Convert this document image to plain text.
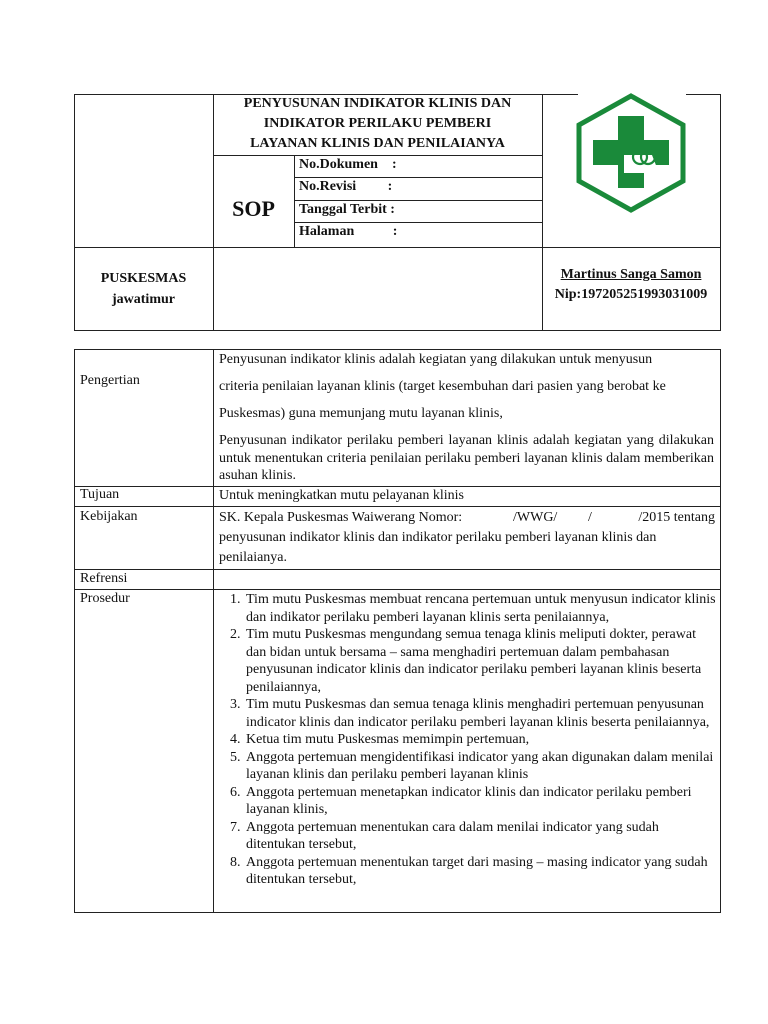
PENYUSUNAN INDIKATOR KLINIS DAN
INDIKATOR PERILAKU PEMBERI
LAYANAN KLINIS DAN PENILAIANYA
SOP
No.Dokumen    :
No.Revisi         :
Tanggal Terbit :
Halaman           :
PUSKESMAS
jawatimur
Martinus Sanga Samon
Nip:197205251993031009
Pengertian
Penyusunan indikator klinis adalah kegiatan yang dilakukan untuk menyusun
criteria penilaian layanan klinis (target kesembuhan dari pasien yang berobat ke
Puskesmas) guna memunjang mutu layanan klinis,
Penyusunan indikator perilaku pemberi layanan klinis adalah kegiatan yang dilakukan untuk menentukan criteria penilaian perilaku pemberi layanan klinis dalam memberikan asuhan klinis.
Tujuan	Untuk meningkatkan mutu pelayanan klinis
Kebijakan	SK. Kepala Puskesmas Waiwerang Nomor:	/WWG/ /	/2015 tentang
penyusunan indikator klinis dan indikator perilaku pemberi layanan klinis dan
penilaianya.
Refrensi
Prosedur
1.	Tim mutu Puskesmas membuat rencana pertemuan untuk menyusun indicator klinis dan indikator perilaku pemberi layanan klinis serta penilaiannya,
2. Tim mutu Puskesmas mengundang semua tenaga klinis meliputi dokter, perawat dan bidan untuk bersama – sama menghadiri pertemuan dalam pembahasan penyusunan indicator klinis dan indicator perilaku pemberi layanan klinis beserta penilaiannya,
3. Tim mutu Puskesmas dan semua tenaga klinis menghadiri pertemuan penyusunan indicator klinis dan indicator perilaku pemberi layanan klinis beserta penilaiannya,
4. Ketua tim mutu Puskesmas memimpin pertemuan,
5. Anggota pertemuan mengidentifikasi indicator yang akan digunakan dalam menilai layanan klinis dan perilaku pemberi layanan klinis
6. Anggota pertemuan menetapkan indicator klinis dan indicator perilaku pemberi layanan klinis,
7. Anggota pertemuan menentukan cara dalam menilai indicator yang sudah ditentukan tersebut,
8. Anggota pertemuan menentukan target dari masing – masing indicator yang sudah ditentukan tersebut,
